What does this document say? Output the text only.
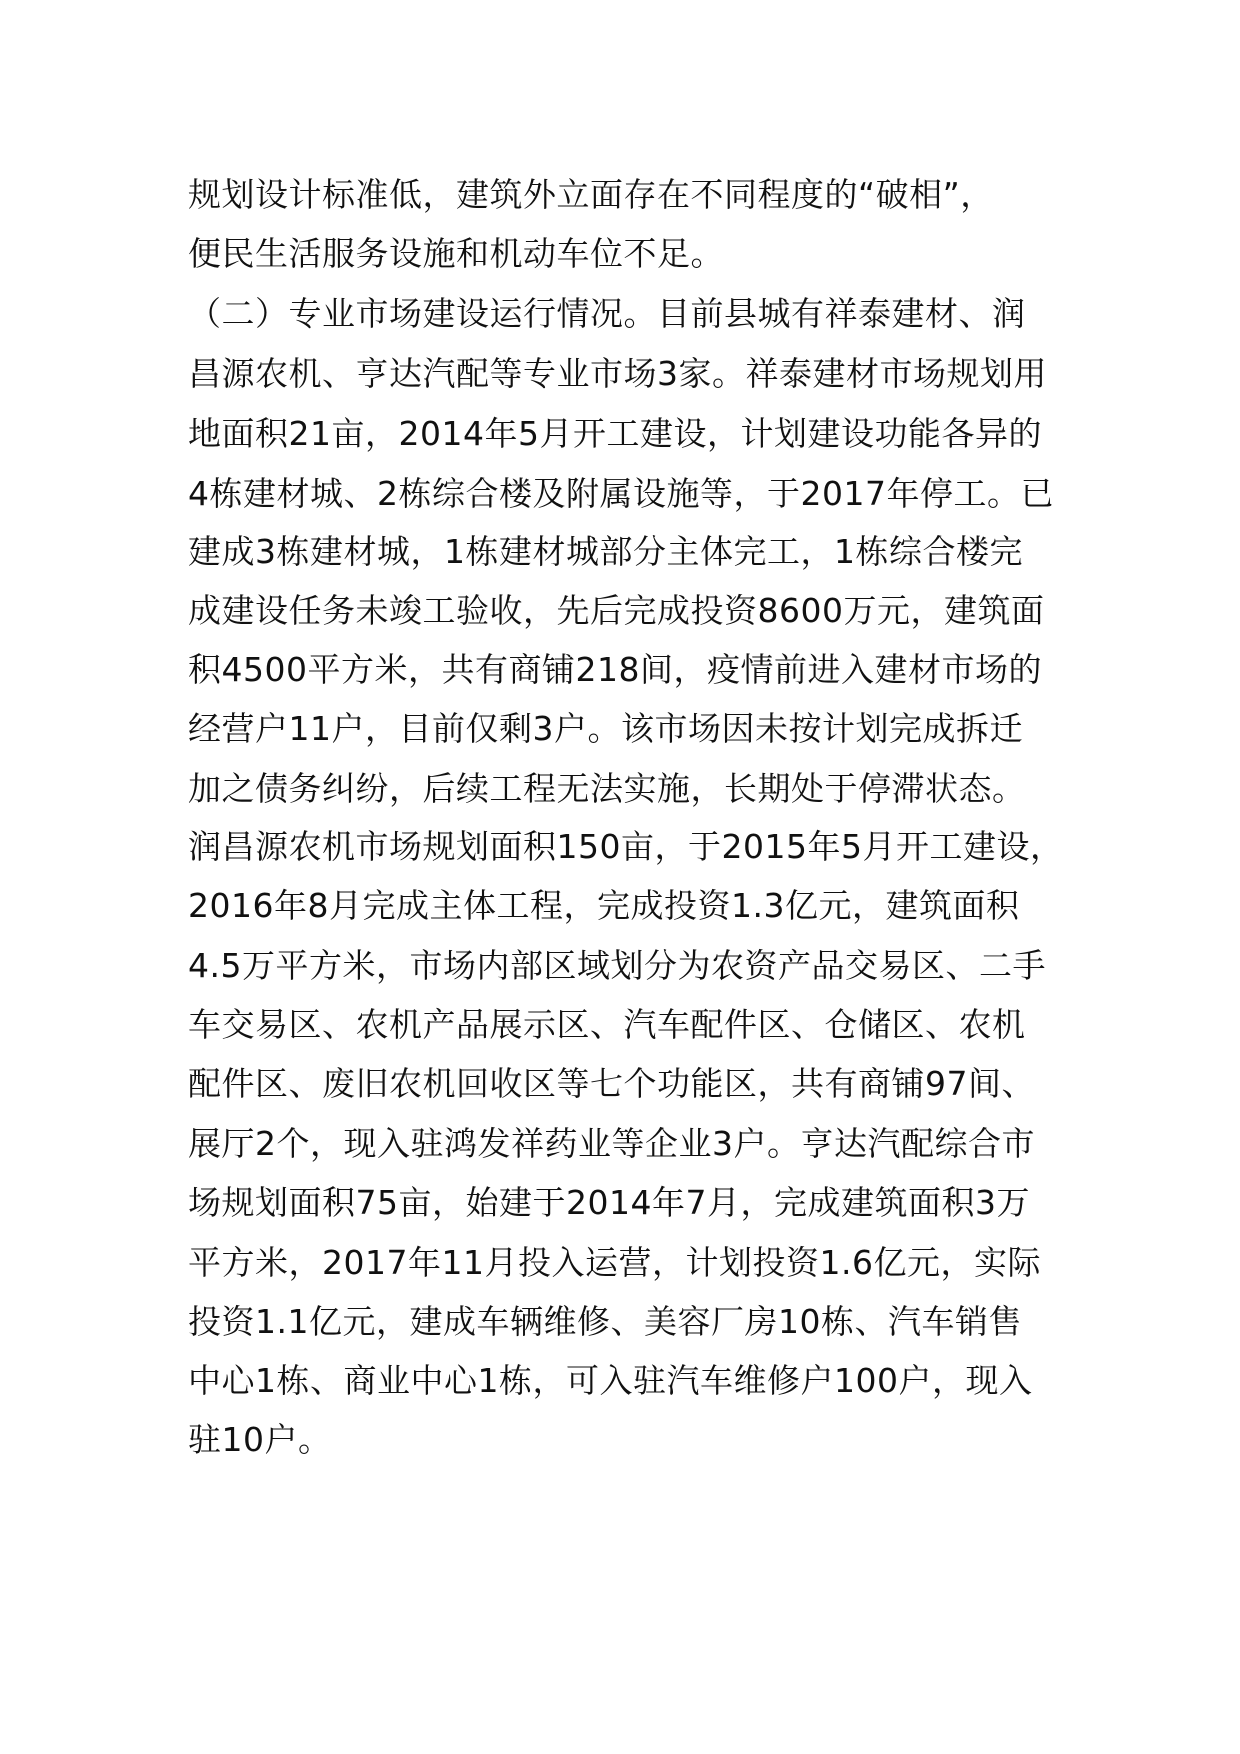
规划设计标准低，建筑外立面存在不同程度的“破相”，
便民生活服务设施和机动车位不足。
（二）专业市场建设运行情况。目前县城有祥泰建材、润
昌源农机、亨达汽配等专业市场3家。祥泰建材市场规划用
地面积21亩，2014年5月开工建设，计划建设功能各异的
4栋建材城、2栋综合楼及附属设施等，于2017年停工。已
建成3栋建材城，1栋建材城部分主体完工，1栋综合楼完
成建设任务未竣工验收，先后完成投资8600万元，建筑面
积4500平方米，共有商铺218间，疫情前进入建材市场的
经营户11户，目前仅剩3户。该市场因未按计划完成拆迁
加之债务纠纷，后续工程无法实施，长期处于停滞状态。
润昌源农机市场规划面积150亩，于2015年5月开工建设，
2016年8月完成主体工程，完成投资1.3亿元，建筑面积
4.5万平方米，市场内部区域划分为农资产品交易区、二手
车交易区、农机产品展示区、汽车配件区、仓储区、农机
配件区、废旧农机回收区等七个功能区，共有商铺97间、
展厅2个，现入驻鸿发祥药业等企业3户。亨达汽配综合市
场规划面积75亩，始建于2014年7月，完成建筑面积3万
平方米，2017年11月投入运营，计划投资1.6亿元，实际
投资1.1亿元，建成车辆维修、美容厂房10栋、汽车销售
中心1栋、商业中心1栋，可入驻汽车维修户100户，现入
驻10户。
